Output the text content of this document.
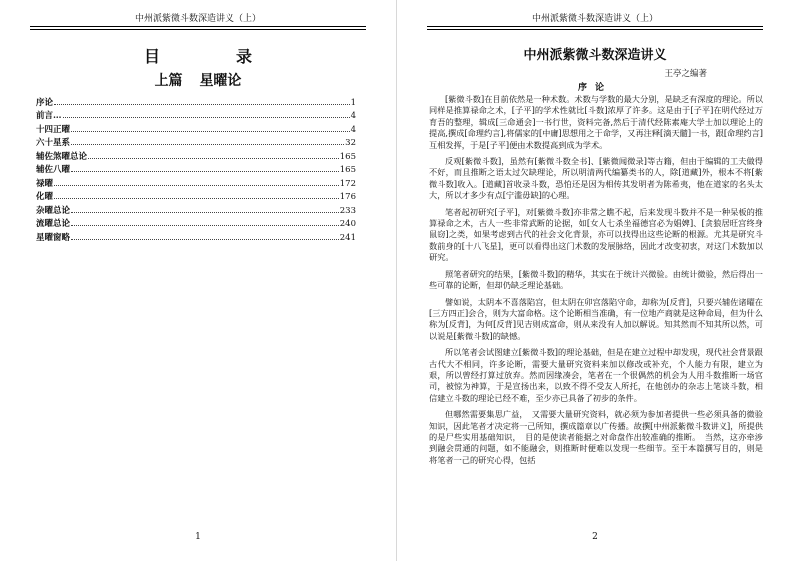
中州派紫微斗数深造讲义（上）
目　录
上篇 星曜论
序论	1
前言…	4
十四正曜	4
六十星系	32
辅佐煞曜总论	165
辅佐八曜	165
禄曜	172
化曜	176
杂曜总论	233
流曜总论	240
星曜窗略	241
1
中州派紫微斗数深造讲义（上）
中州派紫微斗数深造讲义
王亭之编著
序论

[紫微斗数]在目前依然是一种术数。术数与学数的最大分别，是缺乏有深度的理论。所以同样是推算禄命之术，[子平]的学术性就比[斗数]浓厚了许多。这是由于[子平]在明代经过万育吾的整理，辑成[三命通会]一书行世，资料完备,然后于清代经陈素庵大学士加以理论上的提高,撰成[命理约言],将儒家的[中庸]思想用之于命学，又再注释[滴天髓]一书，跟[命理约言]互相发挥，于是[子平]便由术数提高到成为学术。

反观[紫微斗数]，虽然有[紫微斗数全书]、[紫微闻微录]等古籍，但由于编辑的工夫做得不好，而且推断之语太过欠缺理论，所以明清两代编纂类书的人，除[道藏]外，根本不将[紫微斗数]收入。[道藏]首收录斗数，恐怕还是因为相传其发明者为陈希夷，他在道家的名头太大，所以才多少有点[宁滥毋缺]的心理。

笔者起初研究[子平]，对[紫微斗数]亦非常之瞧不起，后来发现斗数并不是一种呆板的推算禄命之术，古人一些非常武断的论据，如[女人七杀坐福德宫必为娼婢]、[贪狼居旺宫终身鼠窃]之类，如果考虑到古代的社会文化背景，亦可以找得出这些论断的根源。尤其是研究斗数前身的[十八飞星]，更可以看得出这门术数的发展脉络，因此才改变初衷，对这门术数加以研究。

照笔者研究的结果，[紫微斗数]的精华，其实在于统计兴微验。由统计微验，然后得出一些可靠的论断，但却仍缺乏理论基础。

譬如说，太阴本不喜落陷宫，但太阴在卯宫落陷守命，却称为[反背]，只要兴辅佐诸曜在[三方四正]会合，则为大富命格。这个论断相当准确，有一位地产商就是这种命局，但为什么称为[反背]，为何[反背]见吉则成富命，则从来没有人加以解说。知其然而不知其所以然，可以说是[紫微斗数]的缺憾。

所以笔者会试图建立[紫微斗数]的理论基础，但是在建立过程中却发现，现代社会背景跟古代大不相同，许多论断，需要大量研究资料来加以修改或补充，个人能力有限，建立为艰，所以曾经打算过放弃。然而因缘凑会，笔者在一个很偶然的机会为人用斗数推断一场官司，被惊为神算，于是宣扬出来，以致不得不受友人所托，在他创办的杂志上笔谈斗数，相信建立斗数的理论已经不难，至少亦已具备了初步的条件。

但哪然需要集思广益，　又需要大量研究资料，就必须为参加者提供一些必须具备的微验知识，因此笔者才决定将一己所知，撰成篇章以广传播。故撰[中州派紫微斗数讲义]，所提供的是尸些实用基础知识，　目的是使读者能据之对命盘作出较准确的推断。　当然，这亦牵涉到融会贯通的问题，如不能融会，则推断时便难以发现一些细节。至于本篇撰写目的，则是将笔者一己的研究心得，包括

2
